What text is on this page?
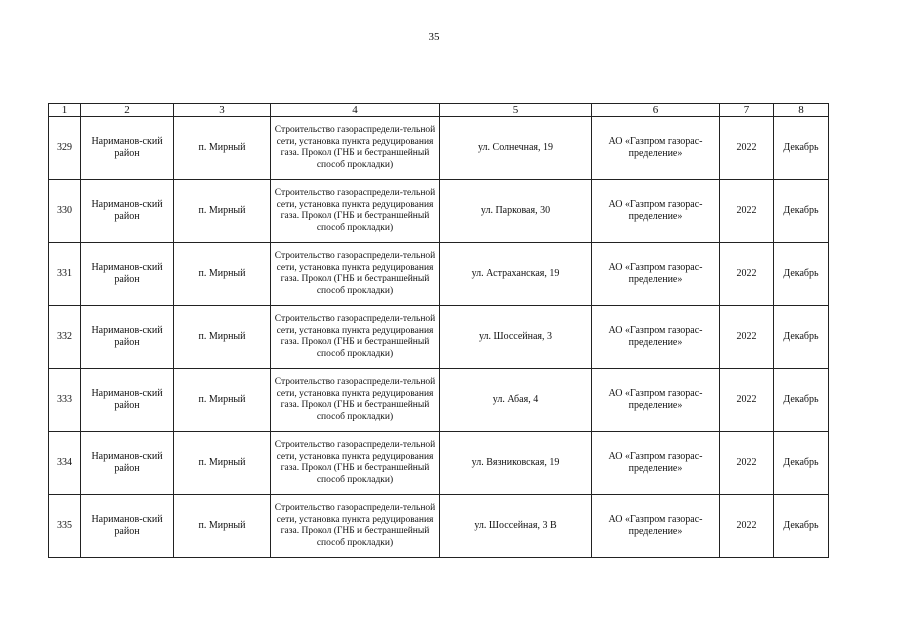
35
1	2	3	4	5	6	7	8
329	Нариманов-ский район	п. Мирный	Строительство газораспредели-тельной сети, установка пункта редуцирования газа. Прокол (ГНБ и бестраншейный способ прокладки)	ул. Солнечная, 19	АО «Газпром газорас-пределение»	2022	Декабрь
330	Нариманов-ский район	п. Мирный	Строительство газораспредели-тельной сети, установка пункта редуцирования газа. Прокол (ГНБ и бестраншейный способ прокладки)	ул. Парковая, 30	АО «Газпром газорас-пределение»	2022	Декабрь
331	Нариманов-ский район	п. Мирный	Строительство газораспредели-тельной сети, установка пункта редуцирования газа. Прокол (ГНБ и бестраншейный способ прокладки)	ул. Астраханская, 19	АО «Газпром газорас-пределение»	2022	Декабрь
332	Нариманов-ский район	п. Мирный	Строительство газораспредели-тельной сети, установка пункта редуцирования газа. Прокол (ГНБ и бестраншейный способ прокладки)	ул. Шоссейная, 3	АО «Газпром газорас-пределение»	2022	Декабрь
333	Нариманов-ский район	п. Мирный	Строительство газораспредели-тельной сети, установка пункта редуцирования газа. Прокол (ГНБ и бестраншейный способ прокладки)	ул. Абая, 4	АО «Газпром газорас-пределение»	2022	Декабрь
334	Нариманов-ский район	п. Мирный	Строительство газораспредели-тельной сети, установка пункта редуцирования газа. Прокол (ГНБ и бестраншейный способ прокладки)	ул. Вязниковская, 19	АО «Газпром газорас-пределение»	2022	Декабрь
335	Нариманов-ский район	п. Мирный	Строительство газораспредели-тельной сети, установка пункта редуцирования газа. Прокол (ГНБ и бестраншейный способ прокладки)	ул. Шоссейная, 3 В	АО «Газпром газорас-пределение»	2022	Декабрь
